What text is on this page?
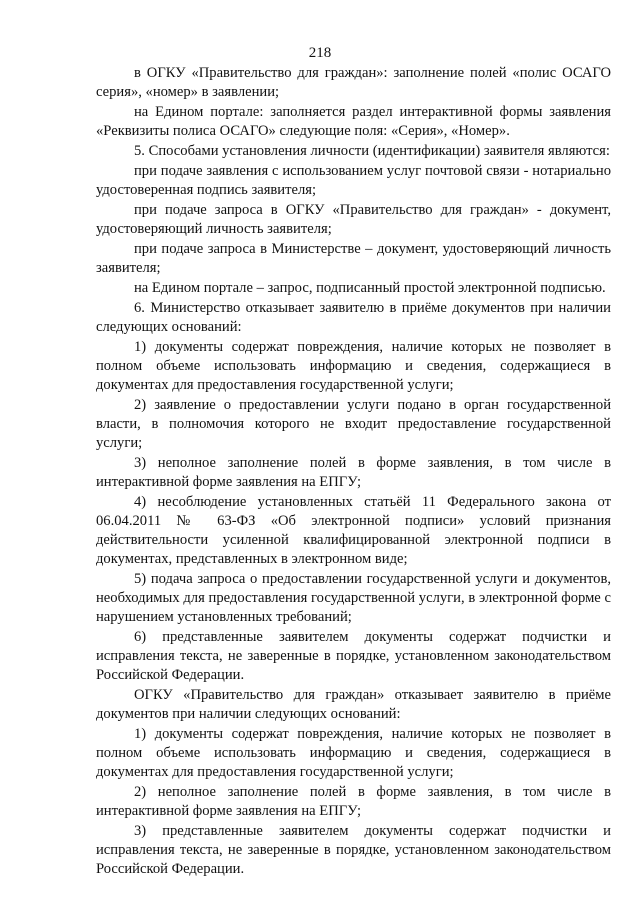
218

в ОГКУ «Правительство для граждан»: заполнение полей «полис ОСАГО серия», «номер» в заявлении;

на Едином портале: заполняется раздел интерактивной формы заявления «Реквизиты полиса ОСАГО» следующие поля: «Серия», «Номер».

5. Способами установления личности (идентификации) заявителя являются:

при подаче заявления с использованием услуг почтовой связи - нотариально удостоверенная подпись заявителя;

при подаче запроса в ОГКУ «Правительство для граждан» - документ, удостоверяющий личность заявителя;

при подаче запроса в Министерстве – документ, удостоверяющий личность заявителя;

на Едином портале – запрос, подписанный простой электронной подписью.

6. Министерство отказывает заявителю в приёме документов при наличии следующих оснований:

1) документы содержат повреждения, наличие которых не позволяет в полном объеме использовать информацию и сведения, содержащиеся в документах для предоставления государственной услуги;

2) заявление о предоставлении услуги подано в орган государственной власти, в полномочия которого не входит предоставление государственной услуги;

3) неполное заполнение полей в форме заявления, в том числе в интерактивной форме заявления на ЕПГУ;

4) несоблюдение установленных статьёй 11 Федерального закона от 06.04.2011 № 63-ФЗ «Об электронной подписи» условий признания действительности усиленной квалифицированной электронной подписи в документах, представленных в электронном виде;

5) подача запроса о предоставлении государственной услуги и документов, необходимых для предоставления государственной услуги, в электронной форме с нарушением установленных требований;

6) представленные заявителем документы содержат подчистки и исправления текста, не заверенные в порядке, установленном законодательством Российской Федерации.

ОГКУ «Правительство для граждан» отказывает заявителю в приёме документов при наличии следующих оснований:

1) документы содержат повреждения, наличие которых не позволяет в полном объеме использовать информацию и сведения, содержащиеся в документах для предоставления государственной услуги;

2) неполное заполнение полей в форме заявления, в том числе в интерактивной форме заявления на ЕПГУ;

3) представленные заявителем документы содержат подчистки и исправления текста, не заверенные в порядке, установленном законодательством Российской Федерации.
